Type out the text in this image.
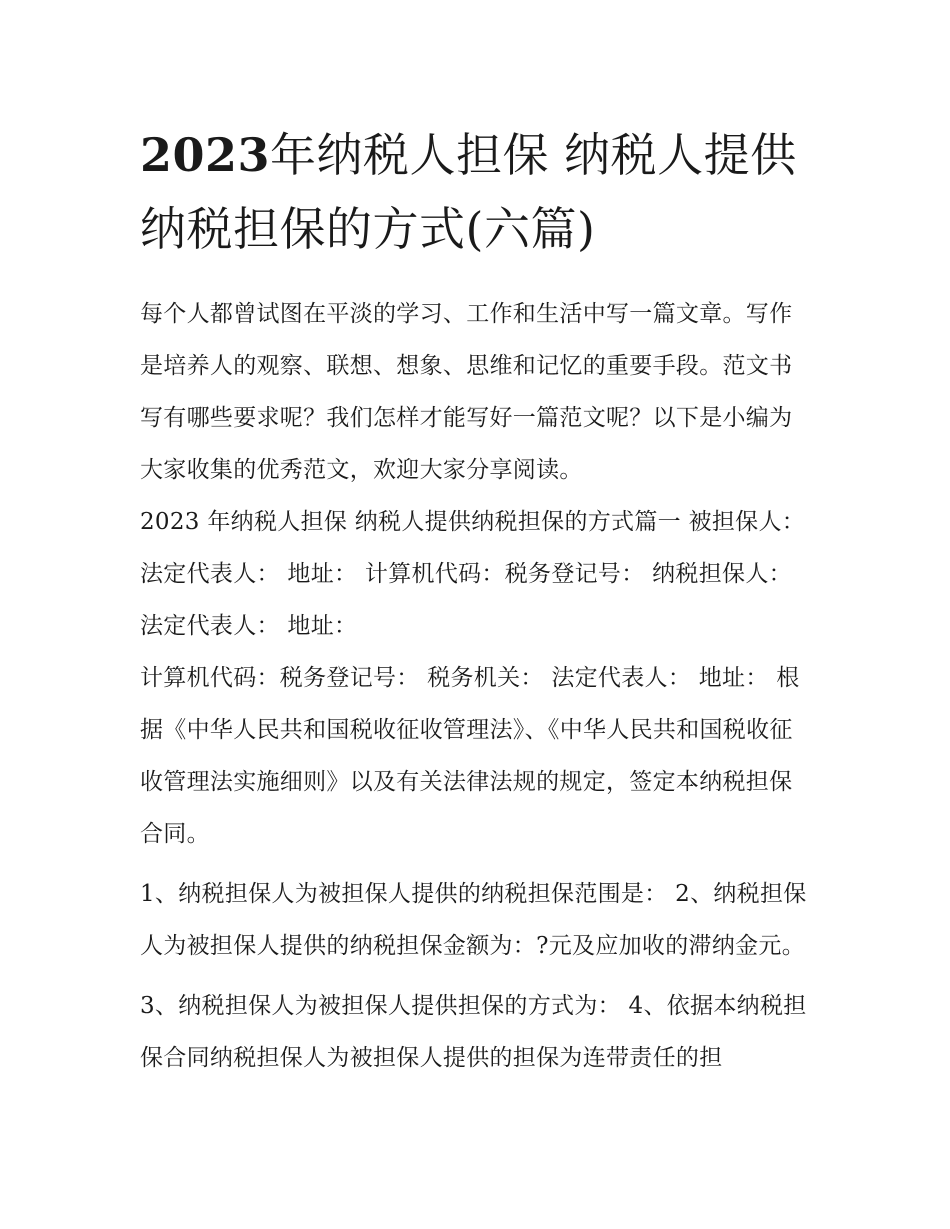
2023年纳税人担保 纳税人提供纳税担保的方式(六篇)

每个人都曾试图在平淡的学习、工作和生活中写一篇文章。写作是培养人的观察、联想、想象、思维和记忆的重要手段。范文书写有哪些要求呢？我们怎样才能写好一篇范文呢？以下是小编为大家收集的优秀范文，欢迎大家分享阅读。

2023 年纳税人担保 纳税人提供纳税担保的方式篇一 被担保人： 法定代表人： 地址： 计算机代码：税务登记号： 纳税担保人： 法定代表人： 地址：

计算机代码：税务登记号： 税务机关： 法定代表人： 地址： 根据《中华人民共和国税收征收管理法》、《中华人民共和国税收征收管理法实施细则》以及有关法律法规的规定，签定本纳税担保合同。

1、纳税担保人为被担保人提供的纳税担保范围是： 2、纳税担保人为被担保人提供的纳税担保金额为：?元及应加收的滞纳金元。

3、纳税担保人为被担保人提供担保的方式为： 4、依据本纳税担保合同纳税担保人为被担保人提供的担保为连带责任的担
